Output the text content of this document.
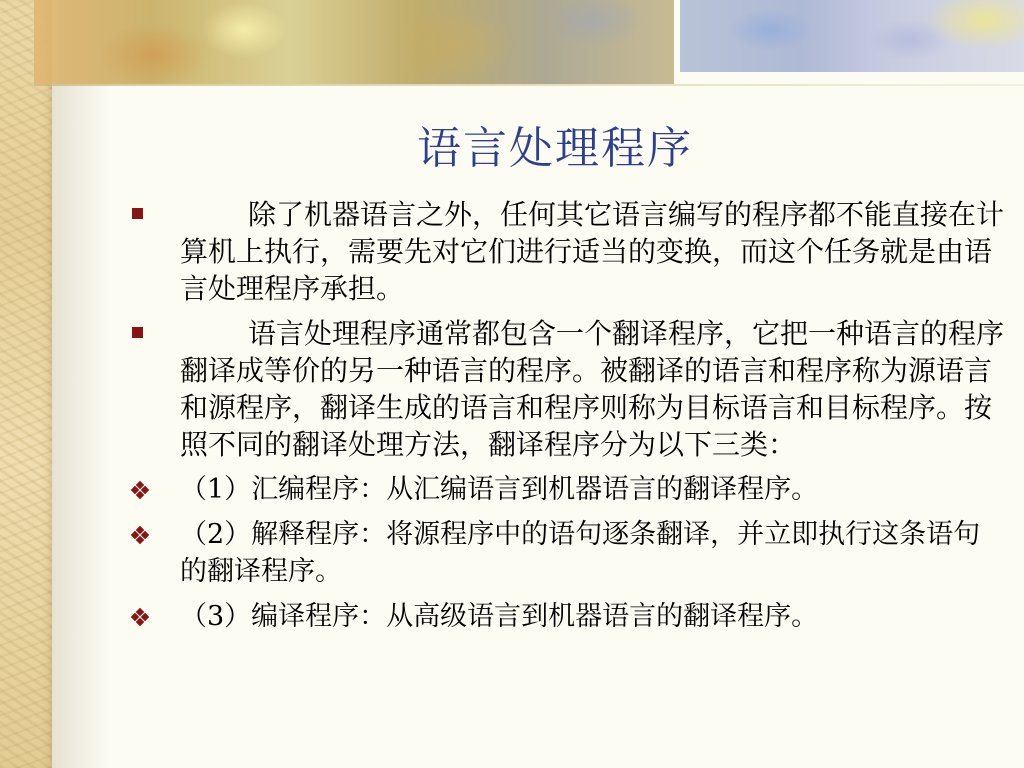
语言处理程序
除了机器语言之外，任何其它语言编写的程序都不能直接在计算机上执行，需要先对它们进行适当的变换，而这个任务就是由语言处理程序承担。
语言处理程序通常都包含一个翻译程序，它把一种语言的程序翻译成等价的另一种语言的程序。被翻译的语言和程序称为源语言和源程序，翻译生成的语言和程序则称为目标语言和目标程序。按照不同的翻译处理方法，翻译程序分为以下三类：
（1）汇编程序：从汇编语言到机器语言的翻译程序。
（2）解释程序：将源程序中的语句逐条翻译，并立即执行这条语句的翻译程序。
（3）编译程序：从高级语言到机器语言的翻译程序。
